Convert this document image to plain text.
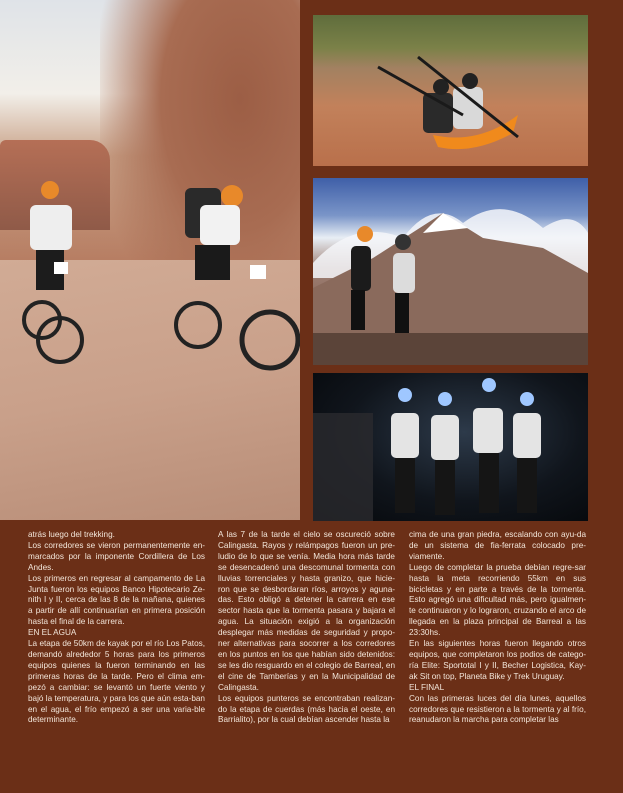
atrás luego del trekking.

Los corredores se vieron permanentemente en-marcados por la imponente Cordillera de Los Andes.

Los primeros en regresar al campamento de La Junta fueron los equipos Banco Hipotecario Ze-nith I y II, cerca de las 8 de la mañana, quienes a partir de allí continuarían en primera posición hasta el final de la carrera.

EN EL AGUA

La etapa de 50km de kayak por el río Los Patos, demandó alrededor 5 horas para los primeros equipos quienes la fueron terminando en las primeras horas de la tarde. Pero el clima em-pezó a cambiar: se levantó un fuerte viento y bajó la temperatura, y para los que aún esta-ban en el agua, el frío empezó a ser una varia-ble determinante.

A las 7 de la tarde el cielo se oscureció sobre Calingasta. Rayos y relámpagos fueron un pre-ludio de lo que se venía. Media hora más tarde se desencadenó una descomunal tormenta con lluvias torrenciales y hasta granizo, que hicie-ron que se desbordaran ríos, arroyos y aguna-das. Esto obligó a detener la carrera en ese sector hasta que la tormenta pasara y bajara el agua. La situación exigió a la organización desplegar más medidas de seguridad y propo-ner alternativas para socorrer a los corredores en los puntos en los que habían sido detenidos: se les dio resguardo en el colegio de Barreal, en el cine de Tamberías y en la Municipalidad de Calingasta.

Los equipos punteros se encontraban realizan-do la etapa de cuerdas (más hacia el oeste, en Barrialito), por la cual debían ascender hasta la

cima de una gran piedra, escalando con ayu-da de un sistema de fia-ferrata colocado pre-viamente.

Luego de completar la prueba debían regre-sar hasta la meta recorriendo 55km en sus bicicletas y en parte a través de la tormenta. Esto agregó una dificultad más, pero igualmen-te continuaron y lo lograron, cruzando el arco de llegada en la plaza principal de Barreal a las 23:30hs.

En las siguientes horas fueron llegando otros equipos, que completaron los podios de catego-ría Elite: Sportotal I y II, Becher Logistica, Kay-ak Sit on top, Planeta Bike y Trek Uruguay.

EL FINAL

Con las primeras luces del día lunes, aquellos corredores que resistieron a la tormenta y al frío, reanudaron la marcha para completar las
